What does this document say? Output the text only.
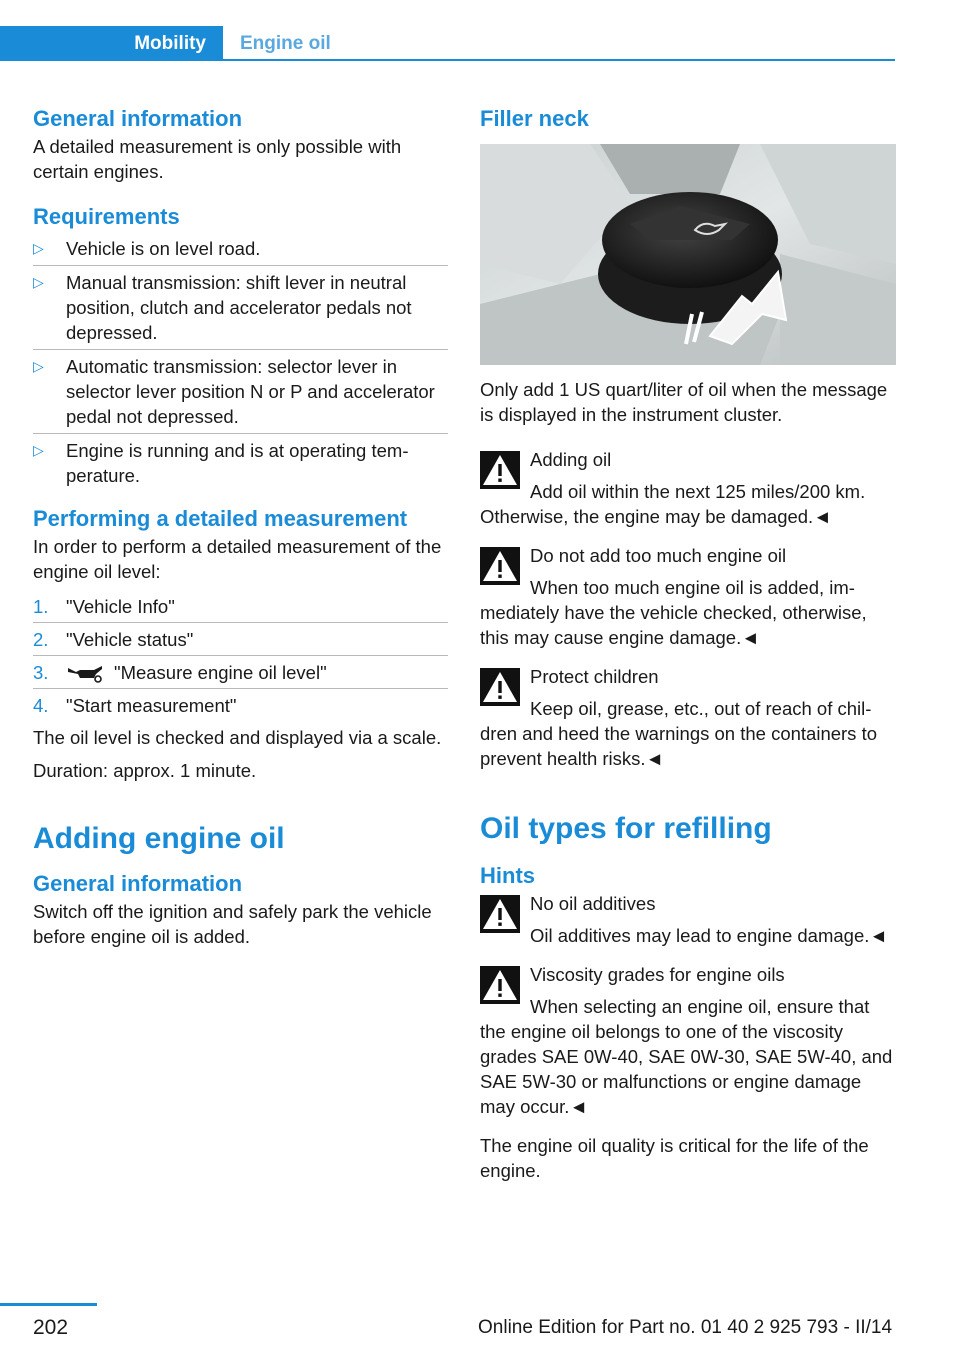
Mobility	Engine oil
General information
A detailed measurement is only possible with certain engines.
Requirements
▷ Vehicle is on level road.
▷ Manual transmission: shift lever in neutral position, clutch and accelerator pedals not depressed.
▷ Automatic transmission: selector lever in selector lever position N or P and accelerator pedal not depressed.
▷ Engine is running and is at operating temperature.
Performing a detailed measurement
In order to perform a detailed measurement of the engine oil level:
1. "Vehicle Info"
2. "Vehicle status"
3.	"Measure engine oil level"
4. "Start measurement"
The oil level is checked and displayed via a scale.
Duration: approx. 1 minute.
Adding engine oil
General information
Switch off the ignition and safely park the vehicle before engine oil is added.
Filler neck
Only add 1 US quart/liter of oil when the message is displayed in the instrument cluster.
Adding oil
Add oil within the next 125 miles/200 km. Otherwise, the engine may be damaged.◄
Do not add too much engine oil
When too much engine oil is added, immediately have the vehicle checked, otherwise, this may cause engine damage.◄
Protect children
Keep oil, grease, etc., out of reach of children and heed the warnings on the containers to prevent health risks.◄
Oil types for refilling
Hints
No oil additives
Oil additives may lead to engine damage.◄
Viscosity grades for engine oils
When selecting an engine oil, ensure that the engine oil belongs to one of the viscosity grades SAE 0W-40, SAE 0W-30, SAE 5W-40, and SAE 5W-30 or malfunctions or engine damage may occur.◄
The engine oil quality is critical for the life of the engine.
202	Online Edition for Part no. 01 40 2 925 793 - II/14
